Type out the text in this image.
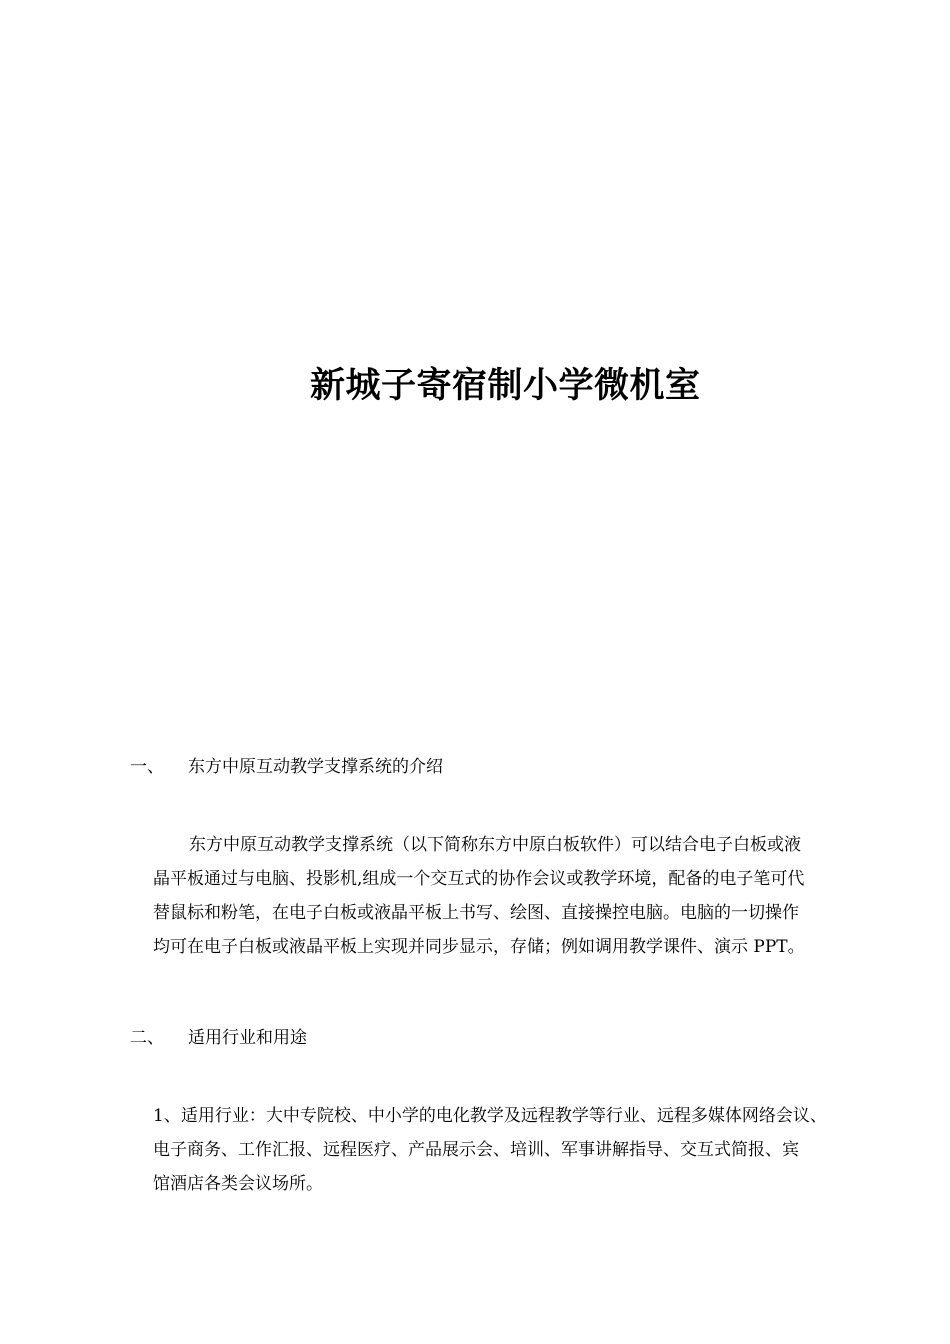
新城子寄宿制小学微机室
一、 东方中原互动教学支撑系统的介绍
东方中原互动教学支撑系统（以下简称东方中原白板软件）可以结合电子白板或液
晶平板通过与电脑、投影机,组成一个交互式的协作会议或教学环境，配备的电子笔可代
替鼠标和粉笔，在电子白板或液晶平板上书写、绘图、直接操控电脑。电脑的一切操作
均可在电子白板或液晶平板上实现并同步显示，存储；例如调用教学课件、演示 PPT。
二、 适用行业和用途
1、适用行业：大中专院校、中小学的电化教学及远程教学等行业、远程多媒体网络会议、
电子商务、工作汇报、远程医疗、产品展示会、培训、军事讲解指导、交互式简报、宾
馆酒店各类会议场所。
